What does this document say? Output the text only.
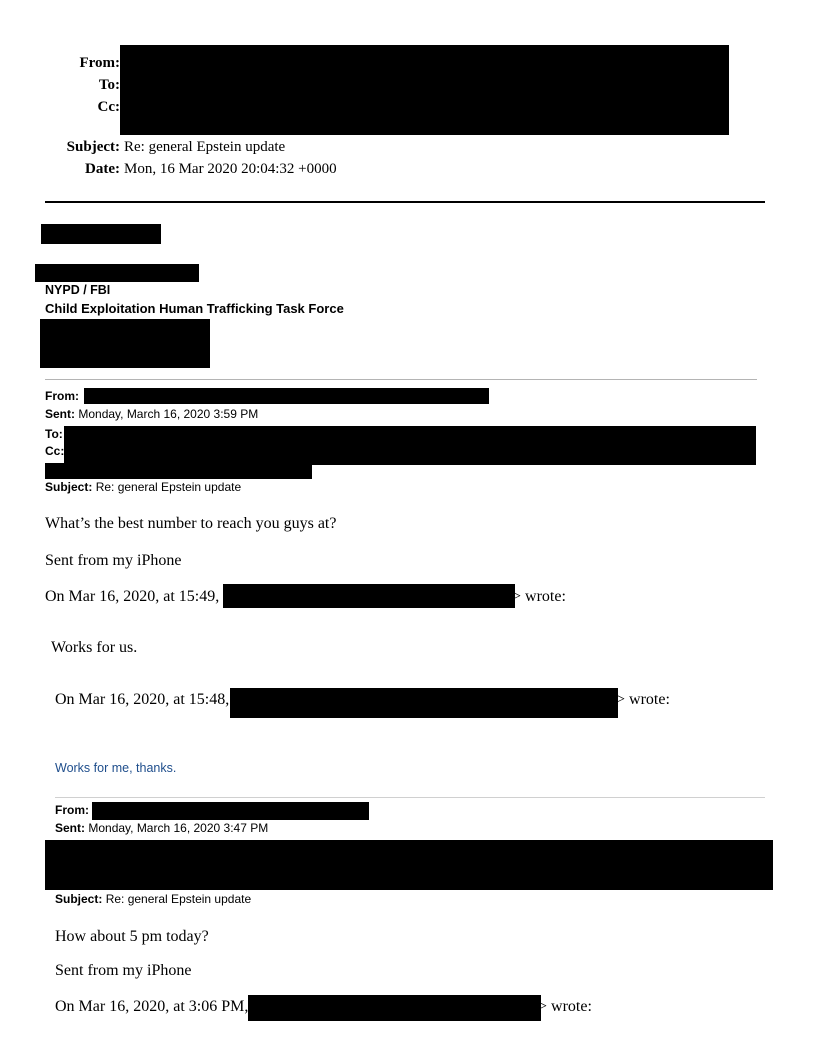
From:
To:
Cc:
Subject: Re: general Epstein update
Date: Mon, 16 Mar 2020 20:04:32 +0000
NYPD / FBI
Child Exploitation Human Trafficking Task Force
From:
Sent: Monday, March 16, 2020 3:59 PM
To:
Cc:
Subject: Re: general Epstein update
What’s the best number to reach you guys at?
Sent from my iPhone
On Mar 16, 2020, at 15:49,	> wrote:
Works for us.
On Mar 16, 2020, at 15:48,	> wrote:
Works for me, thanks.
From:
Sent: Monday, March 16, 2020 3:47 PM
Subject: Re: general Epstein update
How about 5 pm today?
Sent from my iPhone
On Mar 16, 2020, at 3:06 PM,	> wrote:
